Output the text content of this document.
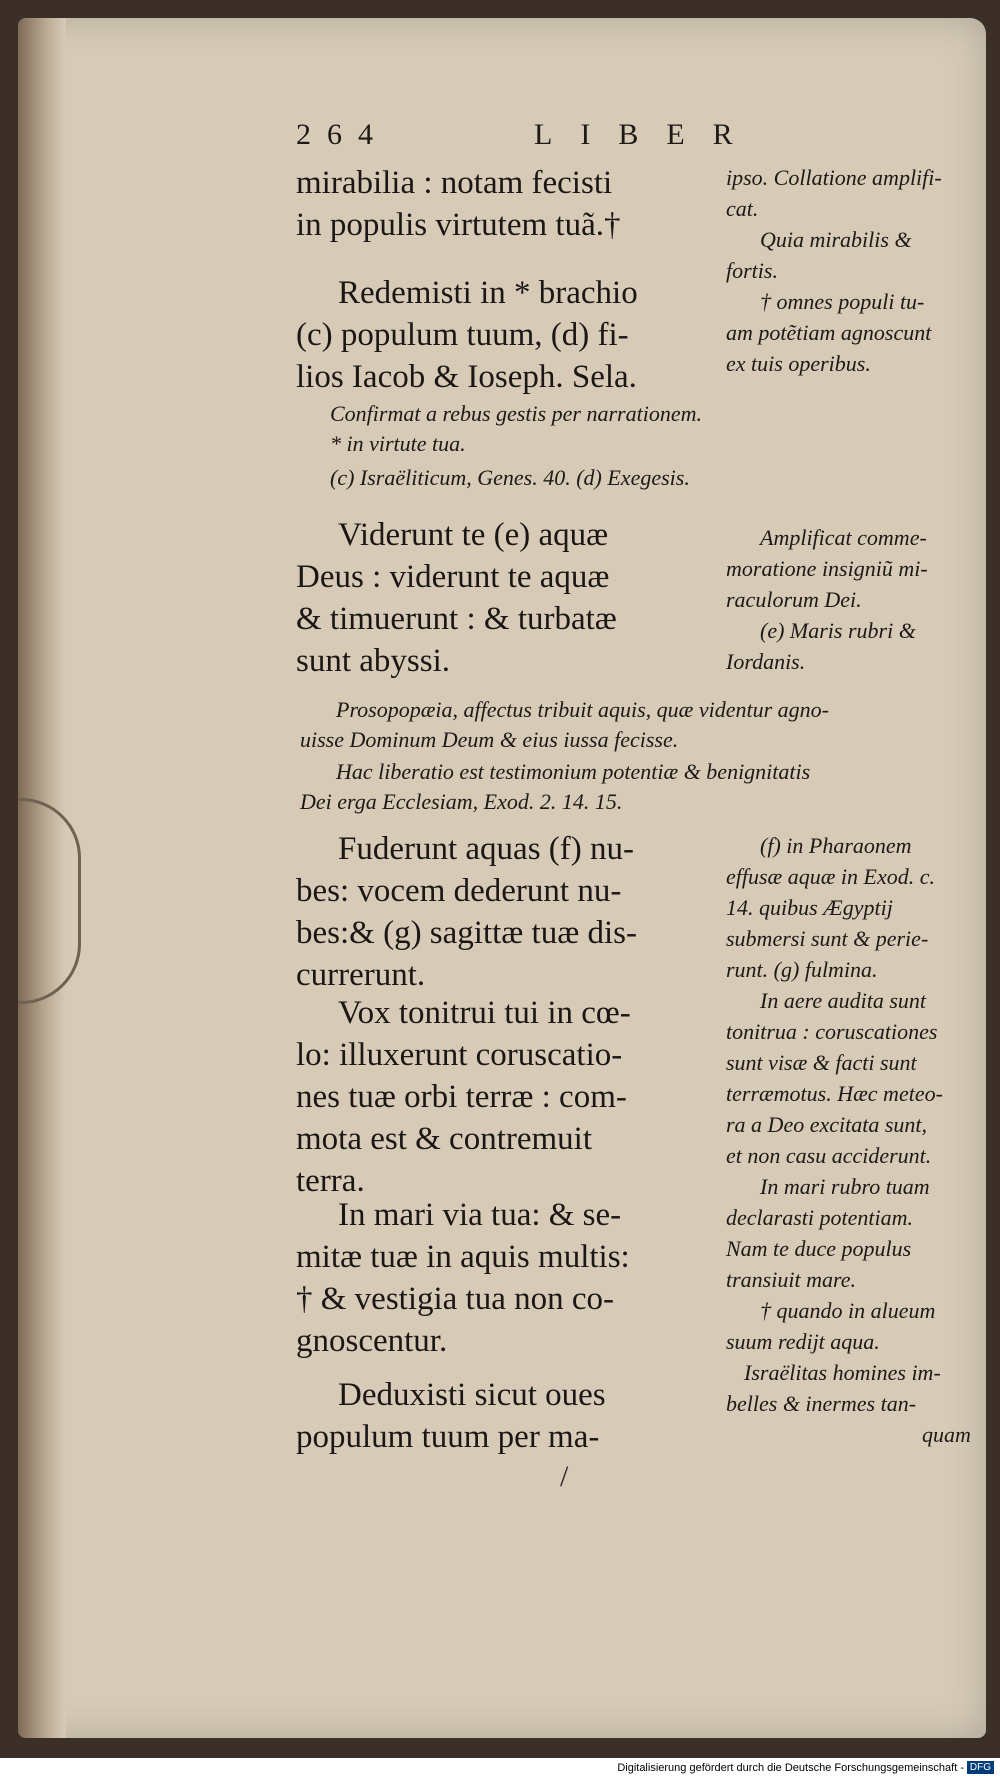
264	LIBER
mirabilia : notam fecisti
in populis virtutem tuã.†
Redemisti in * brachio
(c) populum tuum, (d) fi-
lios Iacob & Ioseph. Sela.
Confirmat a rebus gestis per narrationem.
* in virtute tua.
(c) Israëliticum, Genes. 40. (d) Exegesis.
Viderunt te (e) aquæ
Deus : viderunt te aquæ
& timuerunt : & turbatæ
sunt abyssi.
Prosopopæia, affectus tribuit aquis, quæ videntur agno-
uisse Dominum Deum & eius iussa fecisse.
Hac liberatio est testimonium potentiæ & benignitatis
Dei erga Ecclesiam, Exod. 2. 14. 15.
Fuderunt aquas (f) nu-
bes: vocem dederunt nu-
bes:& (g) sagittæ tuæ dis-
currerunt.
Vox tonitrui tui in cœ-
lo: illuxerunt coruscatio-
nes tuæ orbi terræ : com-
mota est & contremuit
terra.
In mari via tua: & se-
mitæ tuæ in aquis multis:
† & vestigia tua non co-
gnoscentur.
Deduxisti sicut oues
populum tuum per ma-
/
ipso. Collatione amplifi-
cat.
Quia mirabilis &
fortis.
† omnes populi tu-
am potẽtiam agnoscunt
ex tuis operibus.
Amplificat comme-
moratione insigniũ mi-
raculorum Dei.
(e) Maris rubri &
Iordanis.
(f) in Pharaonem
effusæ aquæ in Exod. c.
14. quibus Ægyptij
submersi sunt & perie-
runt. (g) fulmina.
In aere audita sunt
tonitrua : coruscationes
sunt visæ & facti sunt
terræmotus. Hæc meteo-
ra a Deo excitata sunt,
et non casu acciderunt.
In mari rubro tuam
declarasti potentiam.
Nam te duce populus
transiuit mare.
† quando in alueum
suum redijt aqua.
Israëlitas homines im-
belles & inermes tan-
quam
Digitalisierung gefördert durch die Deutsche Forschungsgemeinschaft - DFG
